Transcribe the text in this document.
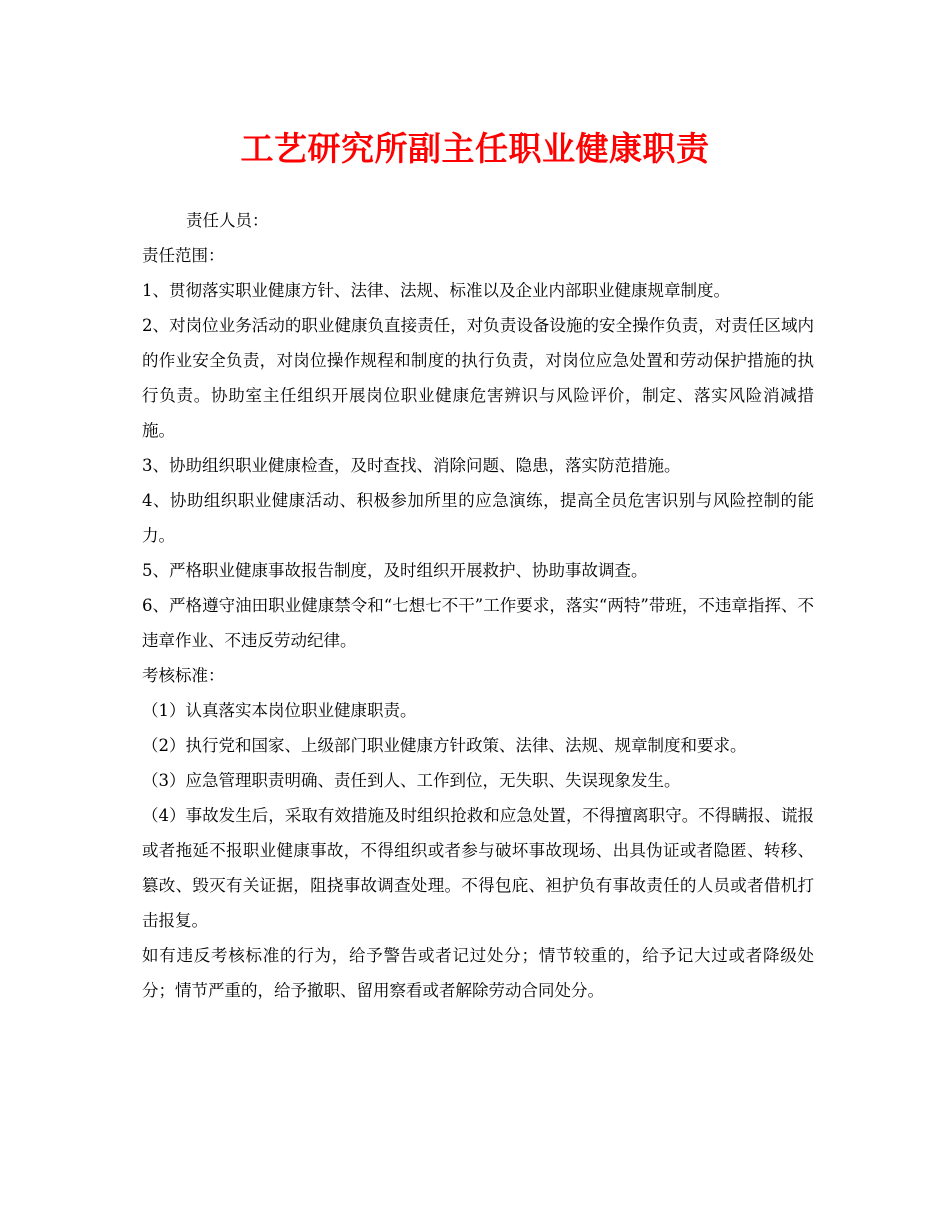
工艺研究所副主任职业健康职责

责任人员：

责任范围：

1、贯彻落实职业健康方针、法律、法规、标准以及企业内部职业健康规章制度。

2、对岗位业务活动的职业健康负直接责任，对负责设备设施的安全操作负责，对责任区域内的作业安全负责，对岗位操作规程和制度的执行负责，对岗位应急处置和劳动保护措施的执行负责。协助室主任组织开展岗位职业健康危害辨识与风险评价，制定、落实风险消减措施。

3、协助组织职业健康检查，及时查找、消除问题、隐患，落实防范措施。

4、协助组织职业健康活动、积极参加所里的应急演练，提高全员危害识别与风险控制的能力。

5、严格职业健康事故报告制度，及时组织开展救护、协助事故调查。

6、严格遵守油田职业健康禁令和“七想七不干”工作要求，落实“两特”带班，不违章指挥、不违章作业、不违反劳动纪律。

考核标准：

（1）认真落实本岗位职业健康职责。

（2）执行党和国家、上级部门职业健康方针政策、法律、法规、规章制度和要求。

（3）应急管理职责明确、责任到人、工作到位，无失职、失误现象发生。

（4）事故发生后，采取有效措施及时组织抢救和应急处置，不得擅离职守。不得瞒报、谎报或者拖延不报职业健康事故，不得组织或者参与破坏事故现场、出具伪证或者隐匿、转移、篡改、毁灭有关证据，阻挠事故调查处理。不得包庇、袒护负有事故责任的人员或者借机打击报复。

如有违反考核标准的行为，给予警告或者记过处分；情节较重的，给予记大过或者降级处分；情节严重的，给予撤职、留用察看或者解除劳动合同处分。
